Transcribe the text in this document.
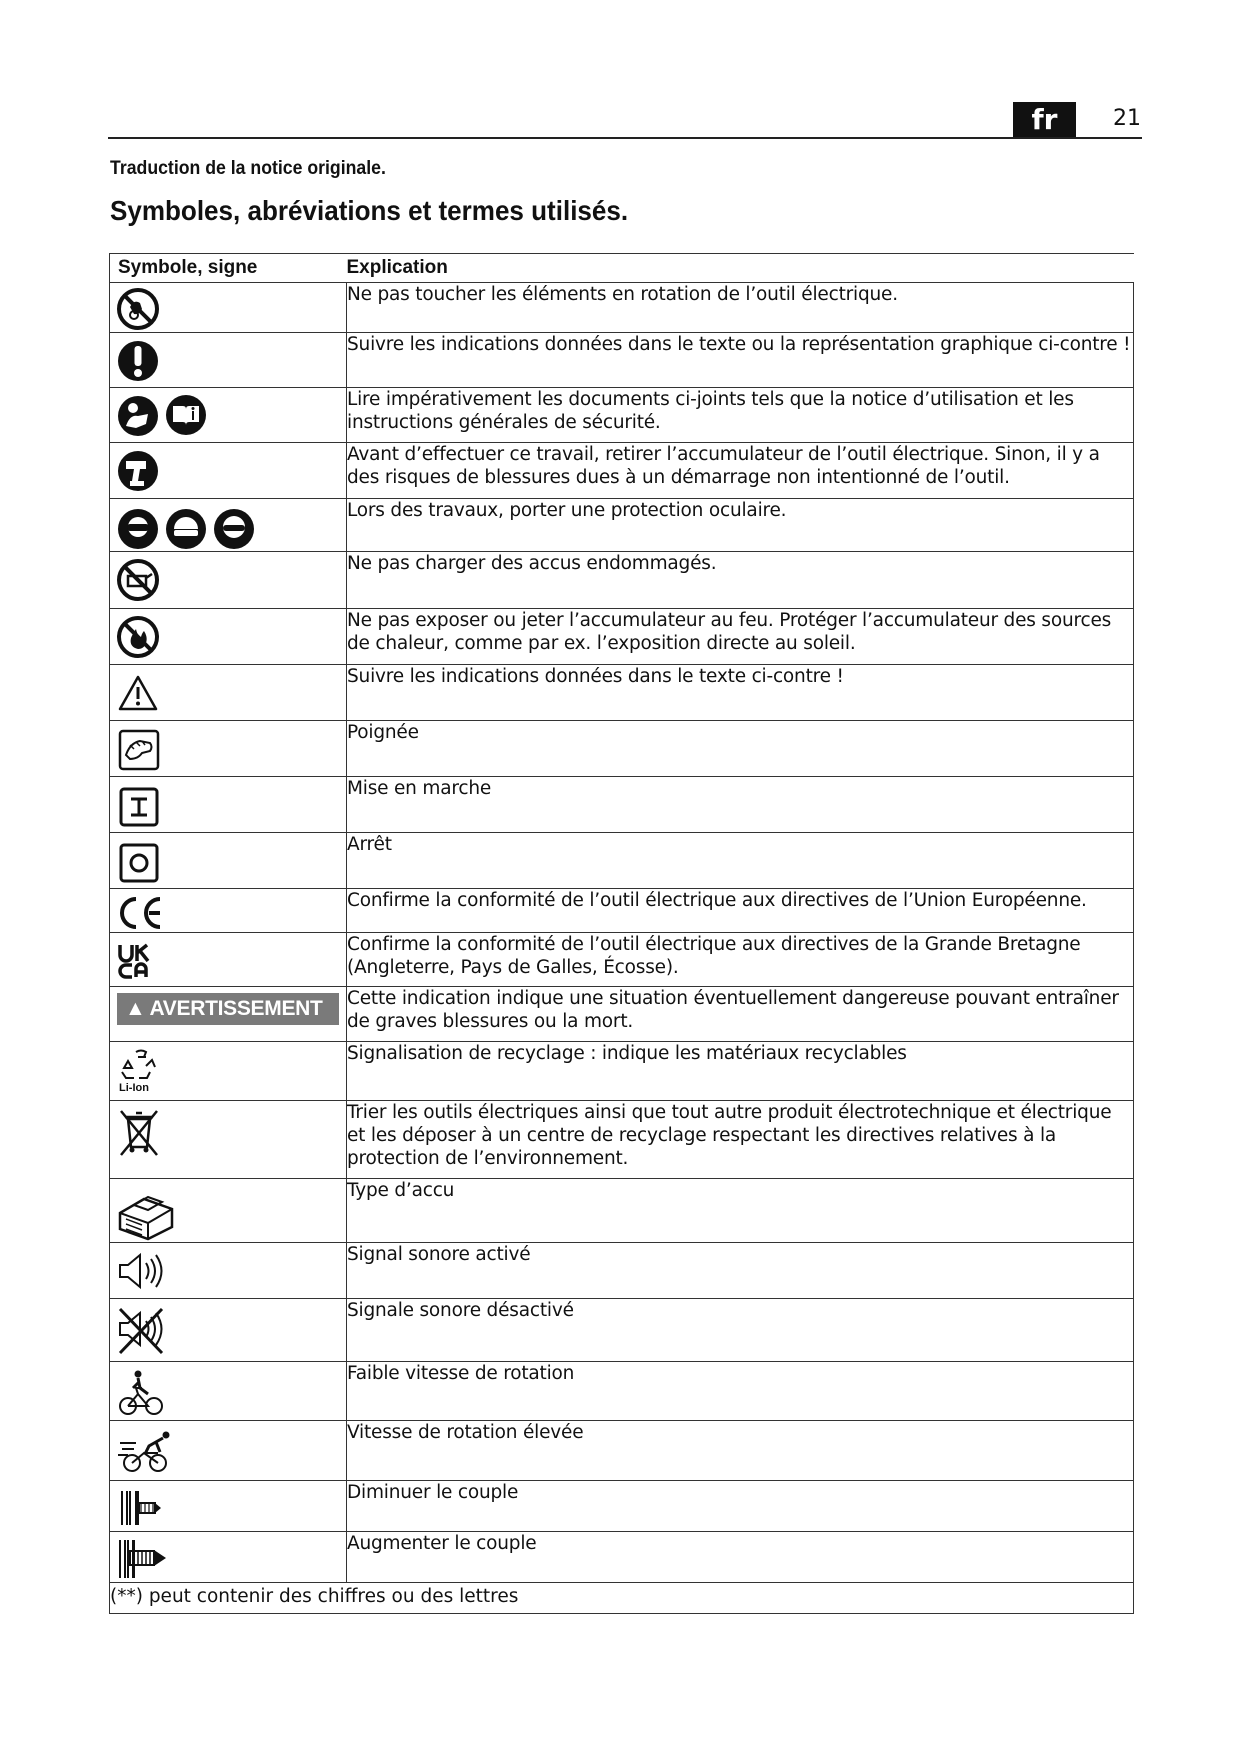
fr	21
Traduction de la notice originale.
Symboles, abréviations et termes utilisés.
Symbole, signe	Explication

	Ne pas toucher les éléments en rotation de l’outil électrique.

	Suivre les indications données dans le texte ou la représentation graphique ci-contre !

	Lire impérativement les documents ci-joints tels que la notice d’utilisation et les instructions générales de sécurité.

	Avant d’effectuer ce travail, retirer l’accumulateur de l’outil électrique. Sinon, il y a des risques de blessures dues à un démarrage non intentionné de l’outil.

	Lors des travaux, porter une protection oculaire.

	Ne pas charger des accus endommagés.

	Ne pas exposer ou jeter l’accumulateur au feu. Protéger l’accumulateur des sources de chaleur, comme par ex. l’exposition directe au soleil.

	Suivre les indications données dans le texte ci-contre !

	Poignée

	Mise en marche

	Arrêt

	Confirme la conformité de l’outil électrique aux directives de l’Union Européenne.

	Confirme la conformité de l’outil électrique aux directives de la Grande Bretagne (Angleterre, Pays de Galles, Écosse).

▲ AVERTISSEMENT	Cette indication indique une situation éventuellement dangereuse pouvant entraîner de graves blessures ou la mort.

Li-Ion	Signalisation de recyclage : indique les matériaux recyclables

	Trier les outils électriques ainsi que tout autre produit électrotechnique et électrique et les déposer à un centre de recyclage respectant les directives relatives à la protection de l’environnement.

	Type d’accu

	Signal sonore activé

	Signale sonore désactivé

	Faible vitesse de rotation

	Vitesse de rotation élevée

	Diminuer le couple

	Augmenter le couple
(**) peut contenir des chiffres ou des lettres	
